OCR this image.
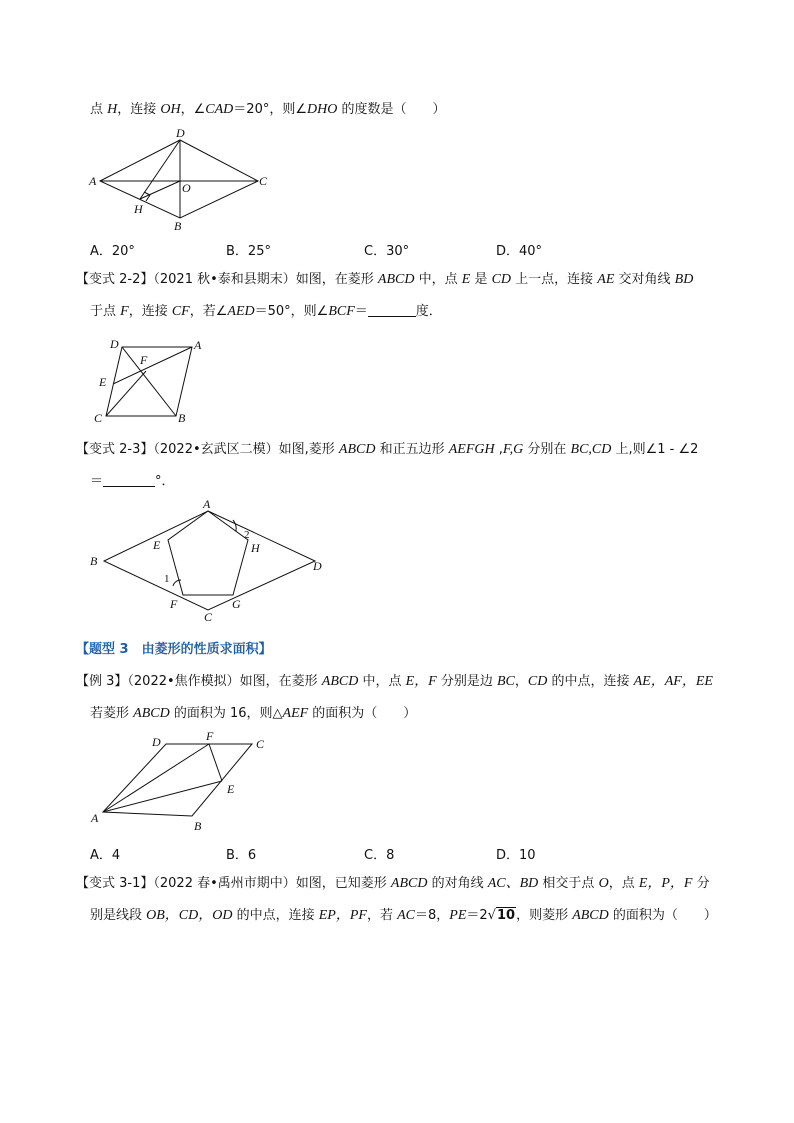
点 H，连接 OH，∠CAD＝20°，则∠DHO 的度数是（　　）
D
A	O	C
H
B
A．20°	B．25°	C．30°	D．40°
【变式 2-2】（2021 秋•泰和县期末）如图，在菱形 ABCD 中，点 E 是 CD 上一点，连接 AE 交对角线 BD
于点 F，连接 CF，若∠AED＝50°，则∠BCF＝	度．
D	A
F
E
C	B
【变式 2-3】（2022•玄武区二模）如图,菱形 ABCD 和正五边形 AEFGH ,F,G 分别在 BC,CD 上,则∠1 - ∠2
＝	°．
A
2
E	H
B	D
1
F	G
C
【题型 3　由菱形的性质求面积】
【例 3】（2022•焦作模拟）如图，在菱形 ABCD 中，点 E，F 分别是边 BC，CD 的中点，连接 AE，AF，EE
若菱形 ABCD 的面积为 16，则△AEF 的面积为（　　）
D	F
C
E
A
B
A．4	B．6	C．8	D．10
【变式 3-1】（2022 春•禹州市期中）如图，已知菱形 ABCD 的对角线 AC、BD 相交于点 O，点 E，P，F 分
别是线段 OB，CD，OD 的中点，连接 EP，PF，若 AC＝8，PE＝2√10，则菱形 ABCD 的面积为（　　）
